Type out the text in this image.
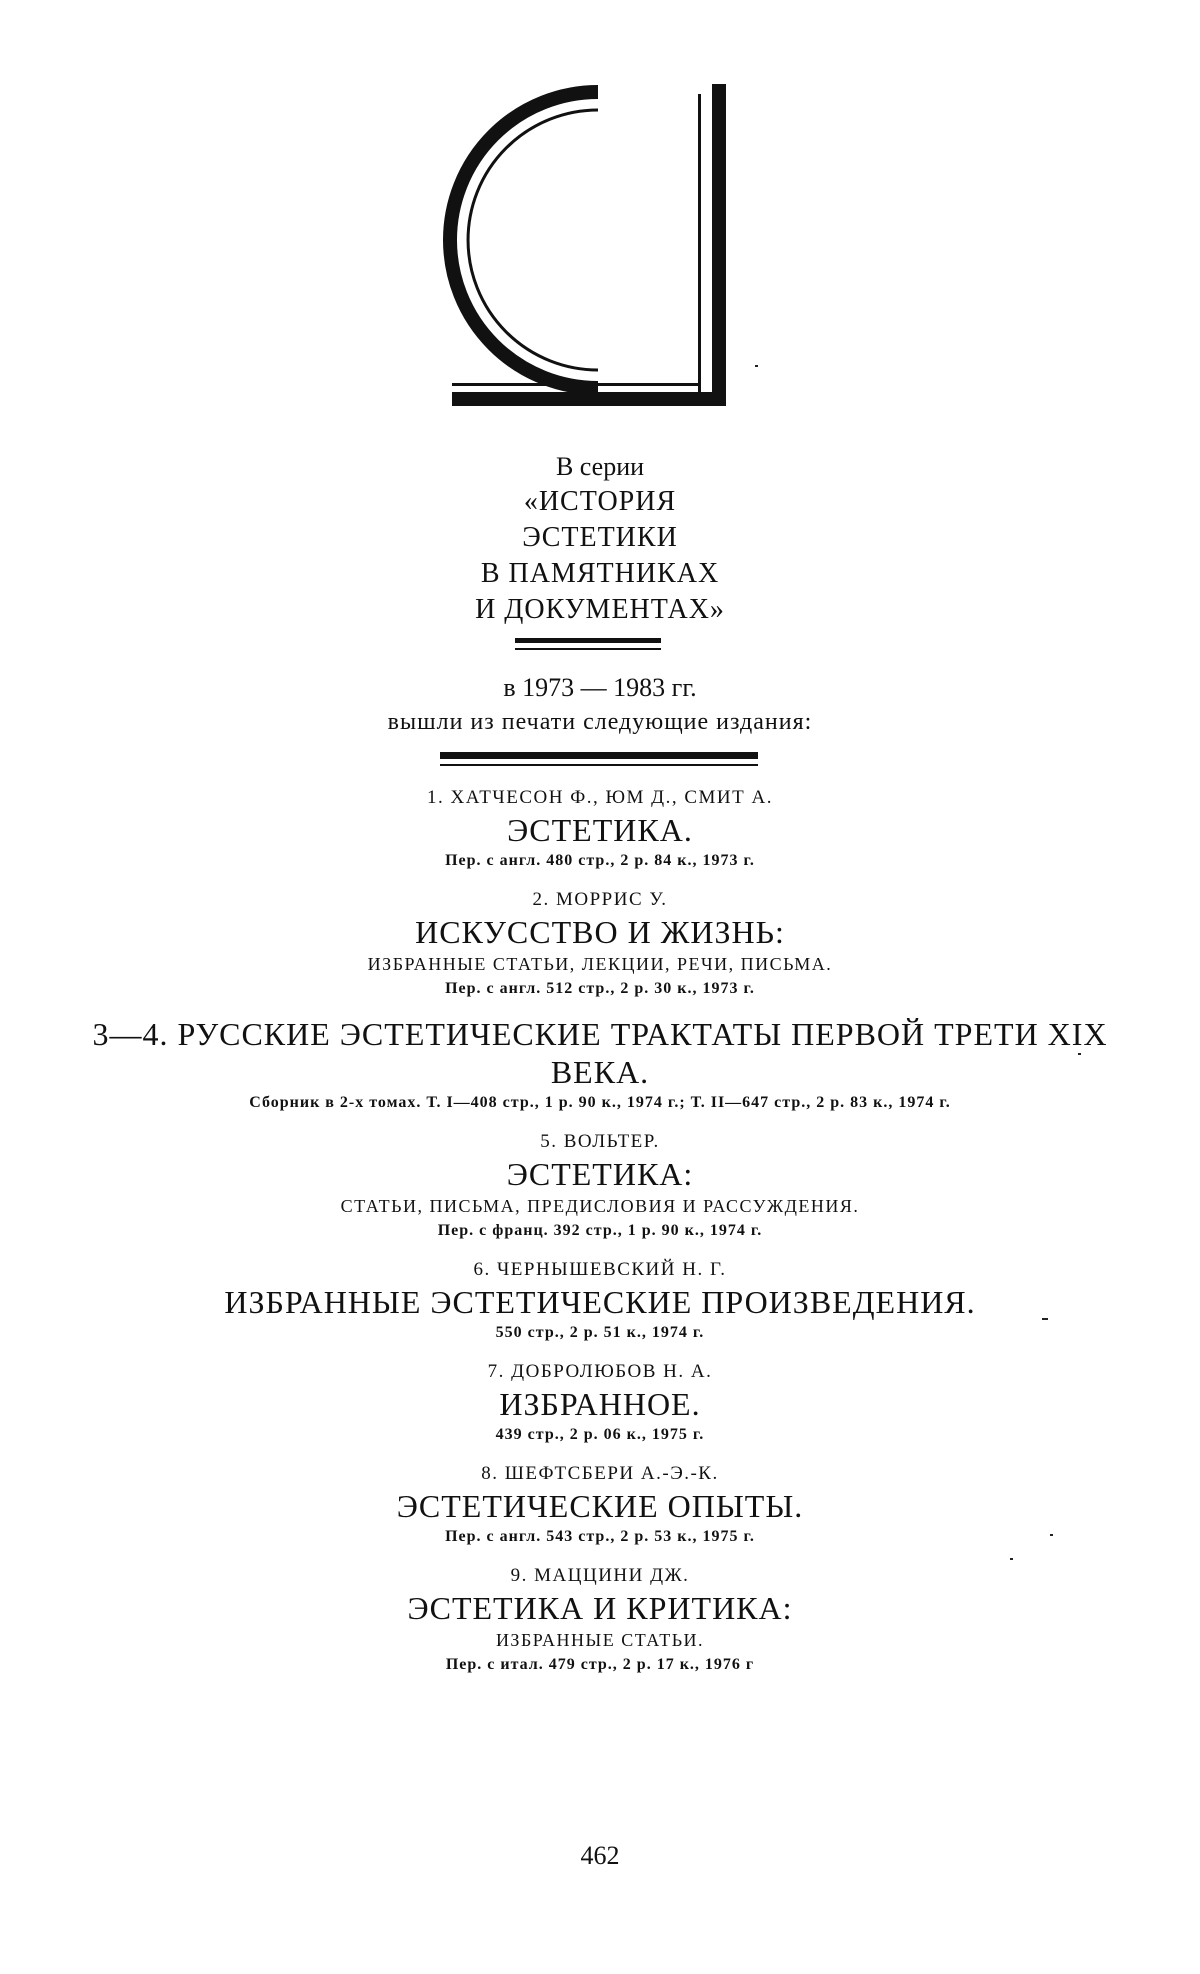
В серии
«ИСТОРИЯ
ЭСТЕТИКИ
В ПАМЯТНИКАХ
И ДОКУМЕНТАХ»
в 1973 — 1983 гг.
вышли из печати следующие издания:
1. ХАТЧЕСОН Ф., ЮМ Д., СМИТ А.
ЭСТЕТИКА.
Пер. с англ. 480 стр., 2 р. 84 к., 1973 г.
2. МОРРИС У.
ИСКУССТВО И ЖИЗНЬ:
ИЗБРАННЫЕ СТАТЬИ, ЛЕКЦИИ, РЕЧИ, ПИСЬМА.
Пер. с англ. 512 стр., 2 р. 30 к., 1973 г.
3—4. РУССКИЕ ЭСТЕТИЧЕСКИЕ ТРАКТАТЫ ПЕРВОЙ ТРЕТИ XIX ВЕКА.
Сборник в 2-х томах. Т. I—408 стр., 1 р. 90 к., 1974 г.; Т. II—647 стр., 2 р. 83 к., 1974 г.
5. ВОЛЬТЕР.
ЭСТЕТИКА:
СТАТЬИ, ПИСЬМА, ПРЕДИСЛОВИЯ И РАССУЖДЕНИЯ.
Пер. с франц. 392 стр., 1 р. 90 к., 1974 г.
6. ЧЕРНЫШЕВСКИЙ Н. Г.
ИЗБРАННЫЕ ЭСТЕТИЧЕСКИЕ ПРОИЗВЕДЕНИЯ.
550 стр., 2 р. 51 к., 1974 г.
7. ДОБРОЛЮБОВ Н. А.
ИЗБРАННОЕ.
439 стр., 2 р. 06 к., 1975 г.
8. ШЕФТСБЕРИ А.-Э.-К.
ЭСТЕТИЧЕСКИЕ ОПЫТЫ.
Пер. с англ. 543 стр., 2 р. 53 к., 1975 г.
9. МАЦЦИНИ ДЖ.
ЭСТЕТИКА И КРИТИКА:
ИЗБРАННЫЕ СТАТЬИ.
Пер. с итал. 479 стр., 2 р. 17 к., 1976 г
462
